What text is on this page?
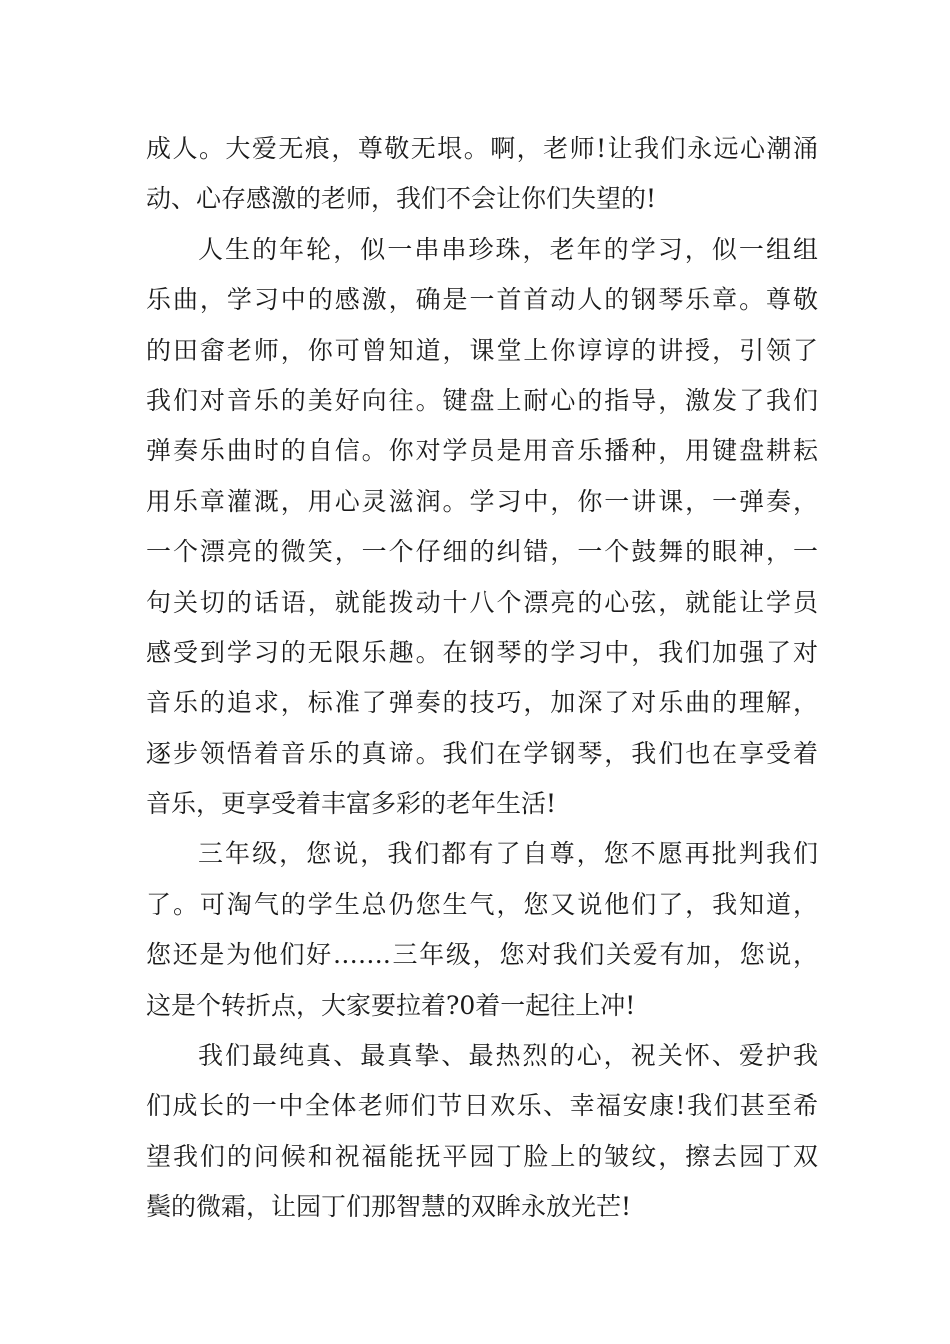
成人。大爱无痕，尊敬无垠。啊，老师!让我们永远心潮涌
动、心存感激的老师，我们不会让你们失望的!
人生的年轮，似一串串珍珠，老年的学习，似一组组
乐曲，学习中的感激，确是一首首动人的钢琴乐章。尊敬
的田畲老师，你可曾知道，课堂上你谆谆的讲授，引领了
我们对音乐的美好向往。键盘上耐心的指导，激发了我们
弹奏乐曲时的自信。你对学员是用音乐播种，用键盘耕耘
用乐章灌溉，用心灵滋润。学习中，你一讲课，一弹奏，
一个漂亮的微笑，一个仔细的纠错，一个鼓舞的眼神，一
句关切的话语，就能拨动十八个漂亮的心弦，就能让学员
感受到学习的无限乐趣。在钢琴的学习中，我们加强了对
音乐的追求，标准了弹奏的技巧，加深了对乐曲的理解，
逐步领悟着音乐的真谛。我们在学钢琴，我们也在享受着
音乐，更享受着丰富多彩的老年生活!
三年级，您说，我们都有了自尊，您不愿再批判我们
了。可淘气的学生总仍您生气，您又说他们了，我知道，
您还是为他们好…….三年级，您对我们关爱有加，您说，
这是个转折点，大家要拉着?0着一起往上冲!
我们最纯真、最真挚、最热烈的心，祝关怀、爱护我
们成长的一中全体老师们节日欢乐、幸福安康!我们甚至希
望我们的问候和祝福能抚平园丁脸上的皱纹，擦去园丁双
鬓的微霜，让园丁们那智慧的双眸永放光芒!
